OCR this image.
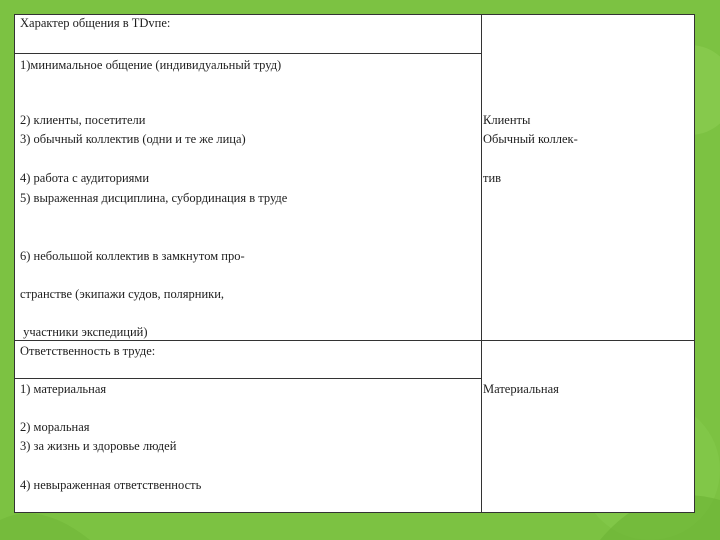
Характер общения в ТDvпе:
1)минимальное общение (индивидуальный труд)
2) клиенты, посетители
3) обычный коллектив (одни и те же лица)
4) работа с аудиториями
5) выраженная дисциплина, субординация в труде
6) небольшой коллектив в замкнутом про-
странстве (экипажи судов, полярники,
участники экспедиций)
Клиенты
Обычный коллек-
тив
Ответственность в труде:
1) материальная
2) моральная
3) за жизнь и здоровье людей
4) невыраженная ответственность
Материальная
